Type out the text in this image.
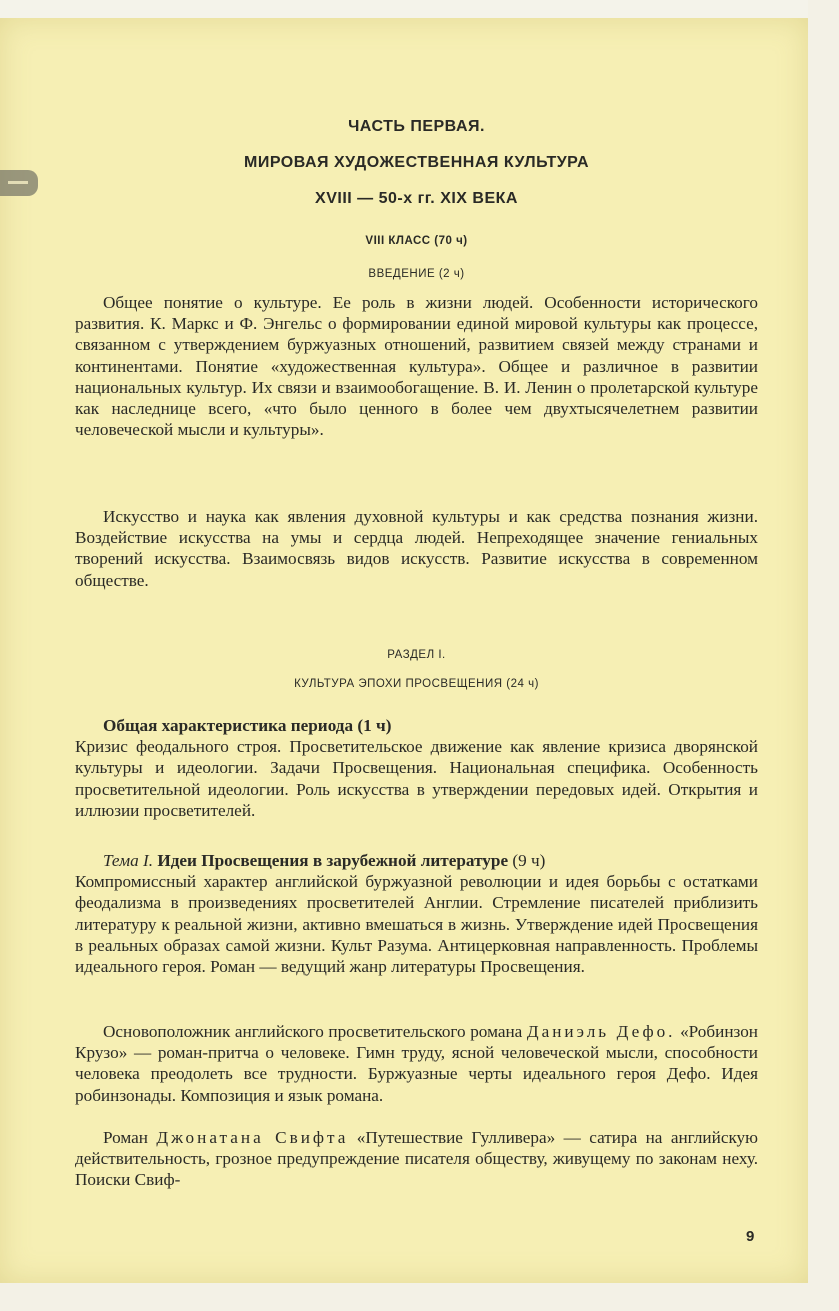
ЧАСТЬ ПЕРВАЯ.
МИРОВАЯ ХУДОЖЕСТВЕННАЯ КУЛЬТУРА
XVIII — 50-х гг. XIX ВЕКА
VIII КЛАСС (70 ч)
ВВЕДЕНИЕ (2 ч)
Общее понятие о культуре. Ее роль в жизни людей. Особенности исторического развития. К. Маркс и Ф. Энгельс о формировании единой мировой культуры как процессе, связанном с утверждением буржуазных отношений, развитием связей между странами и континентами. Понятие «художественная культура». Общее и различное в развитии национальных культур. Их связи и взаимообогащение. В. И. Ленин о пролетарской культуре как наследнице всего, «что было ценного в более чем двухтысячелетнем развитии человеческой мысли и культуры».
Искусство и наука как явления духовной культуры и как средства познания жизни. Воздействие искусства на умы и сердца людей. Непреходящее значение гениальных творений искусства. Взаимосвязь видов искусств. Развитие искусства в современном обществе.
РАЗДЕЛ I.
КУЛЬТУРА ЭПОХИ ПРОСВЕЩЕНИЯ (24 ч)
Общая характеристика периода (1 ч)
Кризис феодального строя. Просветительское движение как явление кризиса дворянской культуры и идеологии. Задачи Просвещения. Национальная специфика. Особенность просветительной идеологии. Роль искусства в утверждении передовых идей. Открытия и иллюзии просветителей.
Тема I. Идеи Просвещения в зарубежной литературе (9 ч)
Компромиссный характер английской буржуазной революции и идея борьбы с остатками феодализма в произведениях просветителей Англии. Стремление писателей приблизить литературу к реальной жизни, активно вмешаться в жизнь. Утверждение идей Просвещения в реальных образах самой жизни. Культ Разума. Антицерковная направленность. Проблемы идеального героя. Роман — ведущий жанр литературы Просвещения.
Основоположник английского просветительского романа Даниэль Дефо. «Робинзон Крузо» — роман-притча о человеке. Гимн труду, ясной человеческой мысли, способности человека преодолеть все трудности. Буржуазные черты идеального героя Дефо. Идея робинзонады. Композиция и язык романа.
Роман Джонатана Свифта «Путешествие Гулливера» — сатира на английскую действительность, грозное предупреждение писателя обществу, живущему по законам неху. Поиски Свиф-
9
